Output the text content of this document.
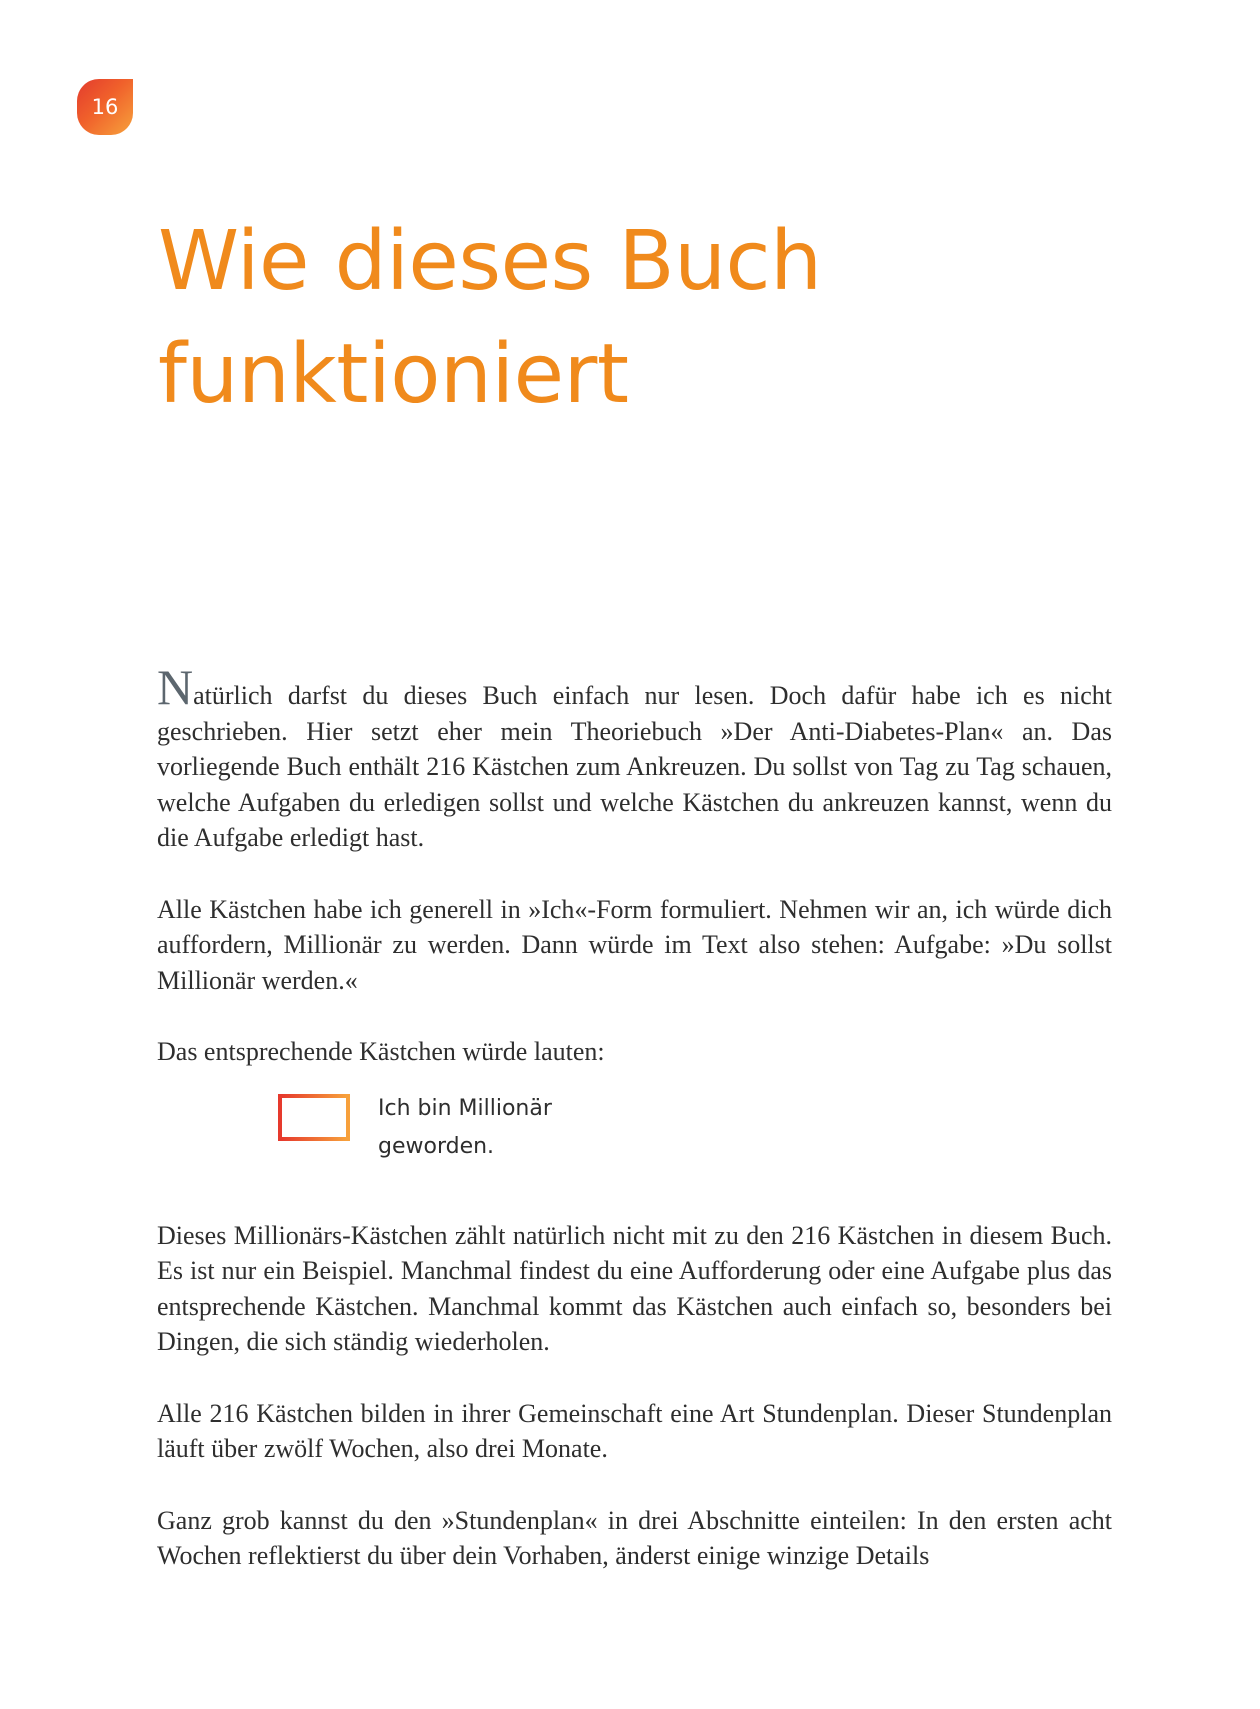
16
Wie dieses Buch
funktioniert

Natürlich darfst du dieses Buch einfach nur lesen. Doch dafür habe ich es nicht geschrieben. Hier setzt eher mein Theoriebuch »Der Anti-Diabetes-Plan« an. Das vorliegende Buch enthält 216 Kästchen zum Ankreuzen. Du sollst von Tag zu Tag schauen, welche Aufgaben du erledigen sollst und welche Kästchen du ankreuzen kannst, wenn du die Aufgabe erledigt hast.

Alle Kästchen habe ich generell in »Ich«-Form formuliert. Nehmen wir an, ich würde dich auffordern, Millionär zu werden. Dann würde im Text also stehen: Aufgabe: »Du sollst Millionär werden.«

Das entsprechende Kästchen würde lauten:

Ich bin Millionär
geworden.

Dieses Millionärs-Kästchen zählt natürlich nicht mit zu den 216 Kästchen in diesem Buch. Es ist nur ein Beispiel. Manchmal findest du eine Aufforderung oder eine Aufgabe plus das entsprechende Kästchen. Manchmal kommt das Kästchen auch einfach so, besonders bei Dingen, die sich ständig wiederholen.

Alle 216 Kästchen bilden in ihrer Gemeinschaft eine Art Stundenplan. Dieser Stundenplan läuft über zwölf Wochen, also drei Monate.

Ganz grob kannst du den »Stundenplan« in drei Abschnitte einteilen: In den ersten acht Wochen reflektierst du über dein Vorhaben, änderst einige winzige Details
